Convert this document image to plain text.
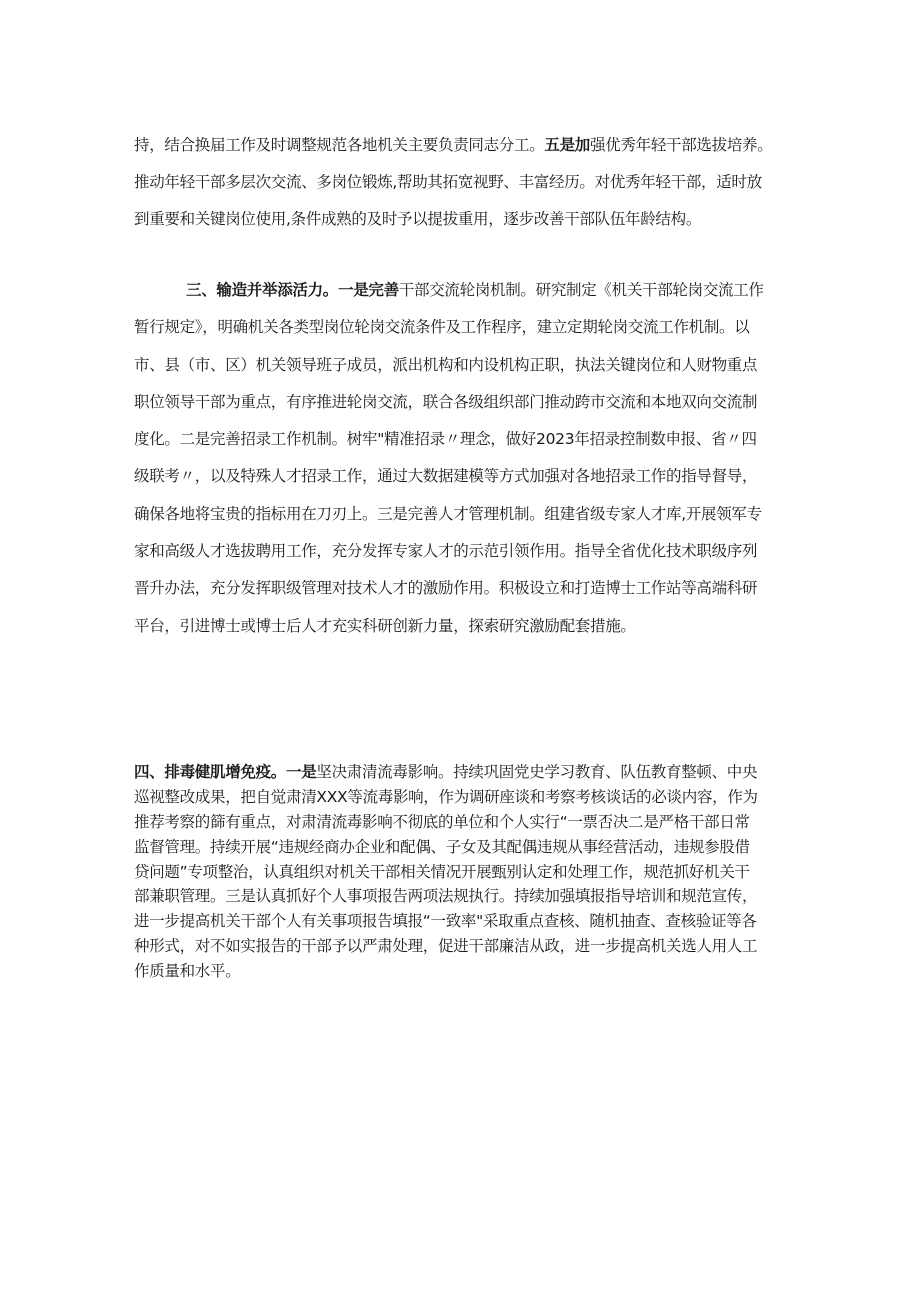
持，结合换届工作及时调整规范各地机关主要负责同志分工。五是加强优秀年轻干部选拔培养。
推动年轻干部多层次交流、多岗位锻炼,帮助其拓宽视野、丰富经历。对优秀年轻干部，适时放
到重要和关键岗位使用,条件成熟的及时予以提拔重用，逐步改善干部队伍年龄结构。
三、输造并举添活力。一是完善干部交流轮岗机制。研究制定《机关干部轮岗交流工作
暂行规定》，明确机关各类型岗位轮岗交流条件及工作程序，建立定期轮岗交流工作机制。以
市、县（市、区）机关领导班子成员，派出机构和内设机构正职，执法关键岗位和人财物重点
职位领导干部为重点，有序推进轮岗交流，联合各级组织部门推动跨市交流和本地双向交流制
度化。二是完善招录工作机制。树牢"精准招录〃理念，做好2023年招录控制数申报、省〃四
级联考〃，以及特殊人才招录工作，通过大数据建模等方式加强对各地招录工作的指导督导，
确保各地将宝贵的指标用在刀刃上。三是完善人才管理机制。组建省级专家人才库,开展领军专
家和高级人才选拔聘用工作，充分发挥专家人才的示范引领作用。指导全省优化技术职级序列
晋升办法，充分发挥职级管理对技术人才的激励作用。积极设立和打造博士工作站等高端科研
平台，引进博士或博士后人才充实科研创新力量，探索研究激励配套措施。
四、排毒健肌增免疫。一是坚决肃清流毒影响。持续巩固党史学习教育、队伍教育整顿、中央
巡视整改成果，把自觉肃清XXX等流毒影响，作为调研座谈和考察考核谈话的必谈内容，作为
推荐考察的篩有重点，对肃清流毒影响不彻底的单位和个人实行“一票否决二是严格干部日常
监督管理。持续开展“违规经商办企业和配偶、子女及其配偶违规从事经营活动，违规参股借
贷问题”专项整治，认真组织对机关干部相关情况开展甄别认定和处理工作，规范抓好机关干
部兼职管理。三是认真抓好个人事项报告两项法规执行。持续加强填报指导培训和规范宣传，
进一步提高机关干部个人有关事项报告填报“一致率"采取重点查核、随机抽查、查核验证等各
种形式，对不如实报告的干部予以严肃处理，促进干部廉洁从政，进一步提高机关选人用人工
作质量和水平。
